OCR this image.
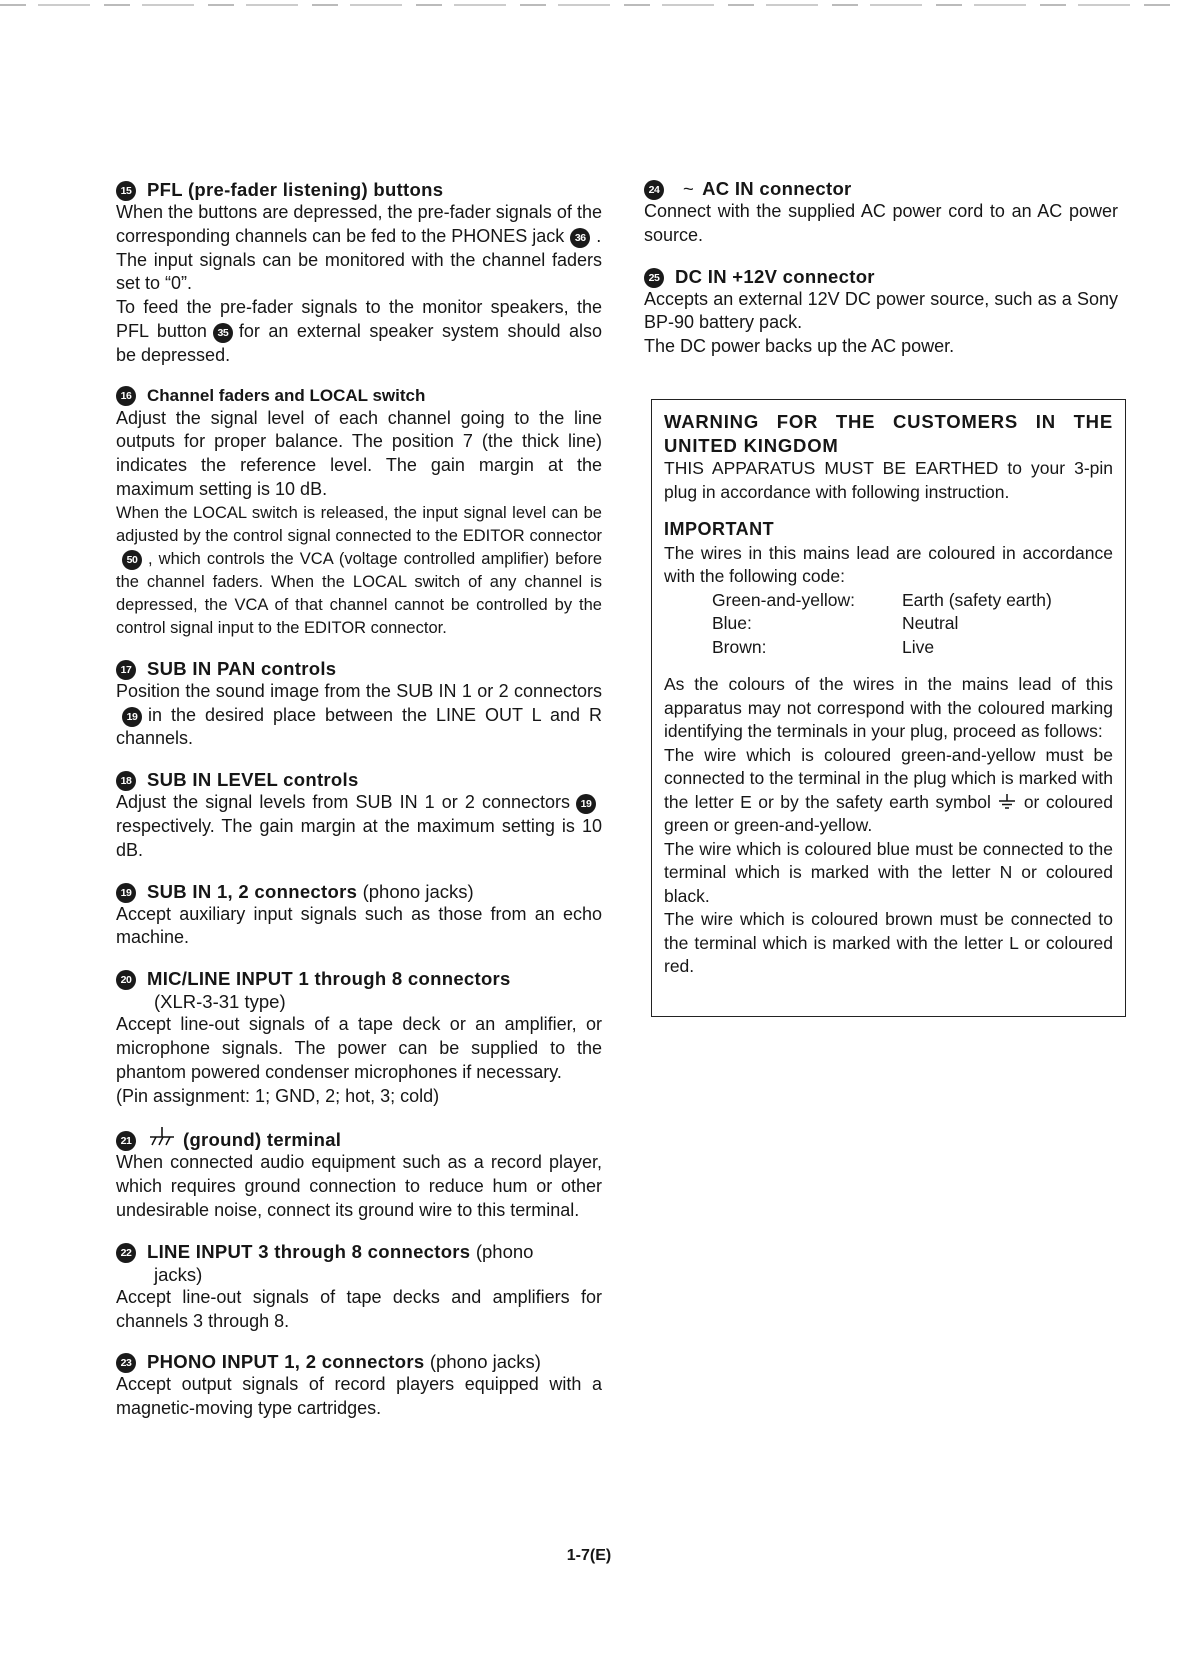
15 PFL (pre-fader listening) buttons

When the buttons are depressed, the pre-fader signals of the corresponding channels can be fed to the PHONES jack 36 .

The input signals can be monitored with the channel faders set to “0”.

To feed the pre-fader signals to the monitor speakers, the PFL button 35 for an external speaker system should also be depressed.

16 Channel faders and LOCAL switch

Adjust the signal level of each channel going to the line outputs for proper balance. The position 7 (the thick line) indicates the reference level. The gain margin at the maximum setting is 10 dB.

When the LOCAL switch is released, the input signal level can be adjusted by the control signal connected to the EDITOR connector50 , which controls the VCA (voltage controlled amplifier) before the channel faders. When the LOCAL switch of any channel is depressed, the VCA of that channel cannot be controlled by the control signal input to the EDITOR connector.

17 SUB IN PAN controls

Position the sound image from the SUB IN 1 or 2 connectors19 in the desired place between the LINE OUT L and R channels.

18 SUB IN LEVEL controls

Adjust the signal levels from SUB IN 1 or 2 connectors 19respectively. The gain margin at the maximum setting is 10 dB.

19 SUB IN 1, 2 connectors (phono jacks)

Accept auxiliary input signals such as those from an echo machine.

20 MIC/LINE INPUT 1 through 8 connectors
(XLR-3-31 type)

Accept line-out signals of a tape deck or an amplifier, or microphone signals. The power can be supplied to the phantom powered condenser microphones if necessary.

(Pin assignment: 1; GND, 2; hot, 3; cold)

21	(ground) terminal

When connected audio equipment such as a record player, which requires ground connection to reduce hum or other undesirable noise, connect its ground wire to this terminal.

22 LINE INPUT 3 through 8 connectors (phono
jacks)

Accept line-out signals of tape decks and amplifiers for channels 3 through 8.

23 PHONO INPUT 1, 2 connectors (phono jacks)

Accept output signals of record players equipped with a magnetic-moving type cartridges.

24 ~ AC IN connector

Connect with the supplied AC power cord to an AC power source.

25 DC IN +12V connector

Accepts an external 12V DC power source, such as a Sony BP-90 battery pack.

The DC power backs up the AC power.

WARNING FOR THE CUSTOMERS IN THE UNITED KINGDOM

THIS APPARATUS MUST BE EARTHED to your 3-pin plug in accordance with following instruction.

IMPORTANT

The wires in this mains lead are coloured in accordance with the following code:

Green-and-yellow:	Earth (safety earth)
Blue:	Neutral
Brown:	Live

As the colours of the wires in the mains lead of this apparatus may not correspond with the coloured marking identifying the terminals in your plug, proceed as follows:

The wire which is coloured green-and-yellow must be connected to the terminal in the plug which is marked with the letter E or by the safety earth symbol or coloured green or green-and-yellow.

The wire which is coloured blue must be connected to the terminal which is marked with the letter N or coloured black.

The wire which is coloured brown must be connected to the terminal which is marked with the letter L or coloured red.

1-7(E)
